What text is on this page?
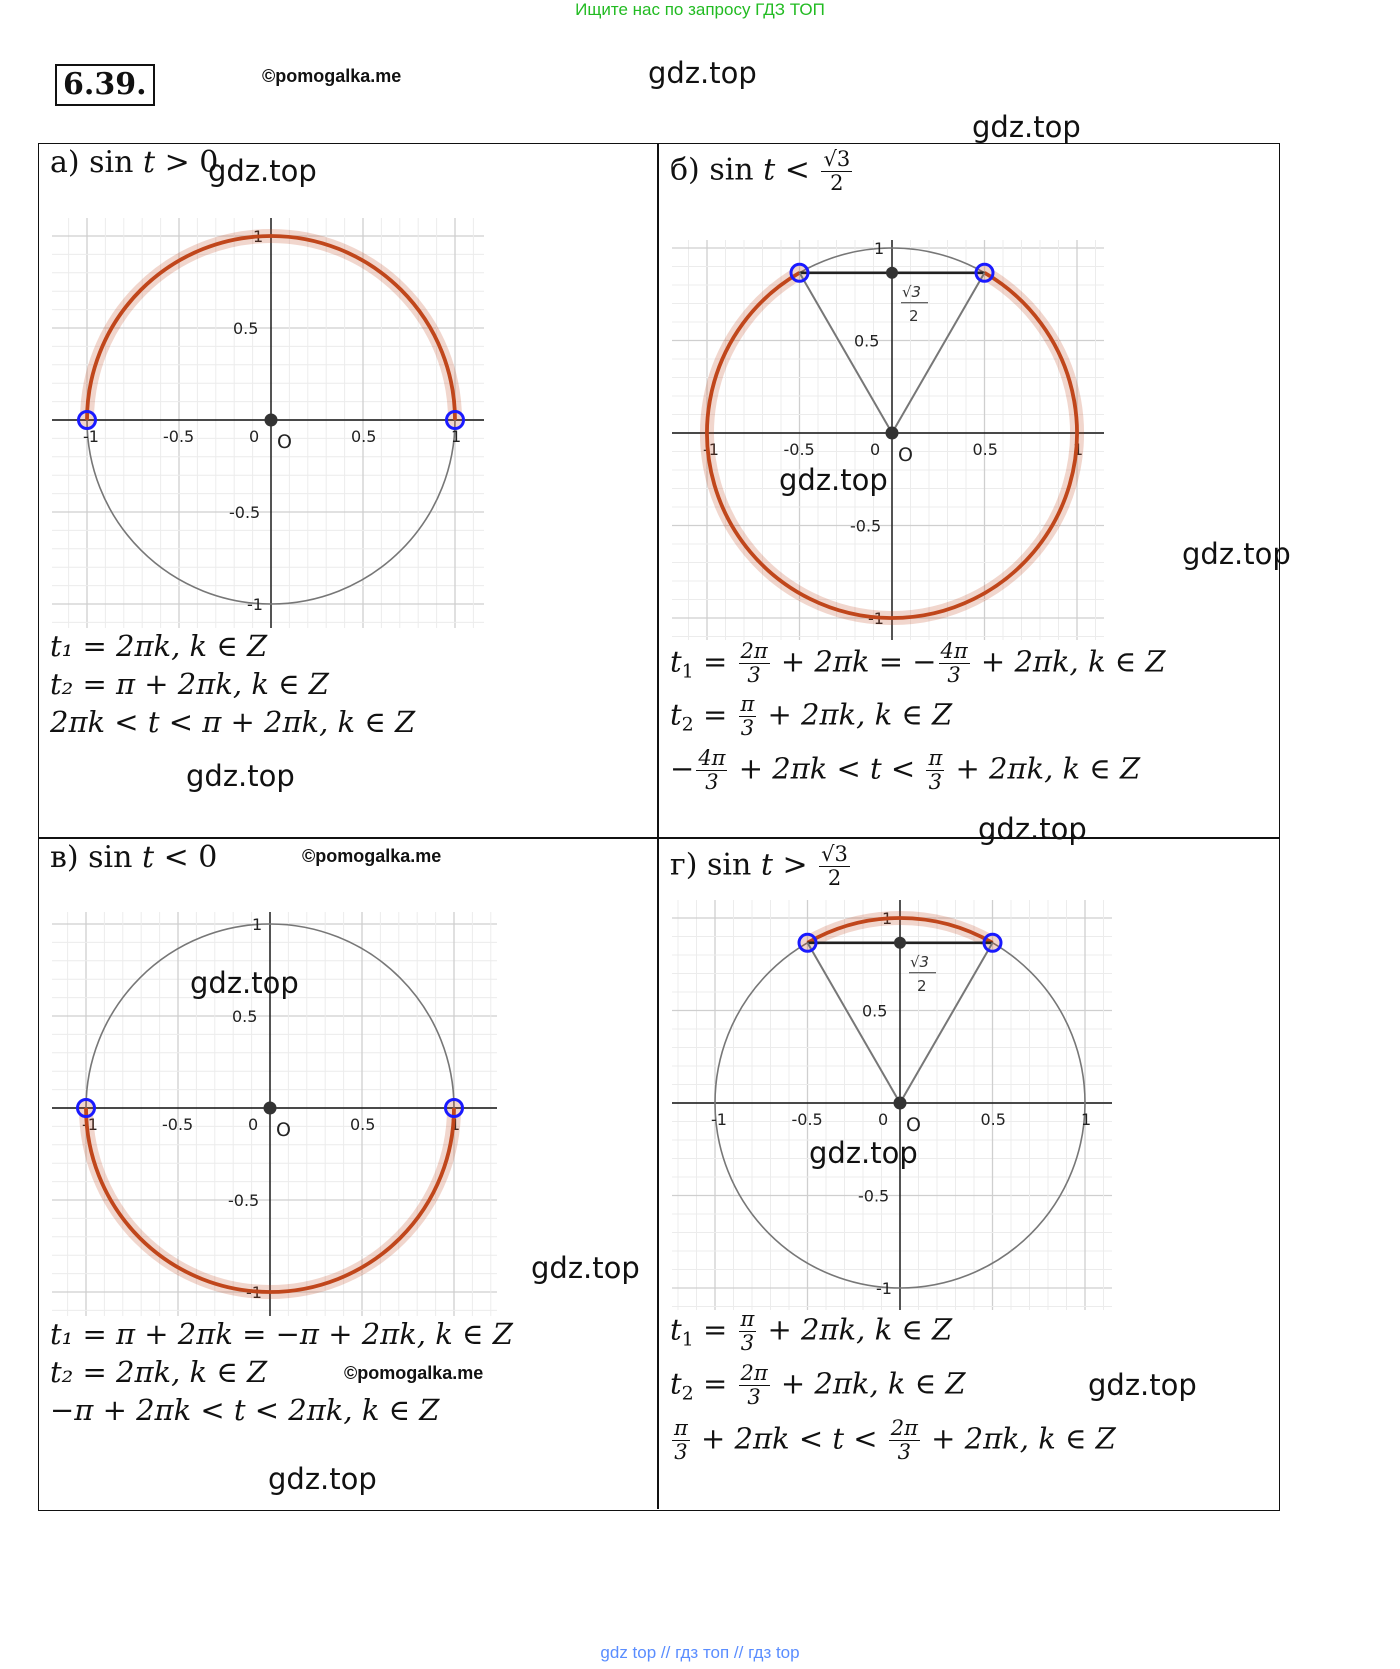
Ищите нас по запросу ГДЗ ТОП
6.39.	©pomogalka.me	gdz.top
gdz.top
а) sin t > 0
gdz.top
-1	-0.5	0	0.5	1
0.5
-0.5
1
-1
O
t₁ = 2πk, k ∈ Z
t₂ = π + 2πk, k ∈ Z
2πk < t < π + 2πk, k ∈ Z
gdz.top
б) $\sin t < \frac{√3}{2}$
-1	-0.5	0	0.5	1
0.5
-0.5
1
-1
O
√3
2
gdz.top
gdz.top
$t_1 = \frac{2\pi}{3} + 2\pi k$ = − $\frac{4\pi}{3} + 2\pi k$, k ∈ Z
$t_2 = \frac{\pi}{3} + 2\pi k$, k ∈ Z
− $\frac{4\pi}{3} + 2\pi k < t < \frac{\pi}{3} + 2\pi k$, k ∈ Z
gdz.top
в) sin t < 0	©pomogalka.me
-1	-0.5	0	0.5	1
0.5
-0.5
1
-1
O
gdz.top
gdz.top
t₁ = π + 2πk = −π + 2πk, k ∈ Z
t₂ = 2πk, k ∈ Z	©pomogalka.me
−π + 2πk < t < 2πk, k ∈ Z
gdz.top
г) $\sin t > \frac{√3}{2}$
-1	-0.5	0	0.5	1
0.5
-0.5
1
-1
O
√3
2
gdz.top
$t_1 = \frac{\pi}{3} + 2\pi k$, k ∈ Z
$t_2 = \frac{2\pi}{3} + 2\pi k$, k ∈ Z	gdz.top
$\frac{\pi}{3} + 2\pi k < t < \frac{2\pi}{3} + 2\pi k$, k ∈ Z
gdz top // гдз топ // гдз top
